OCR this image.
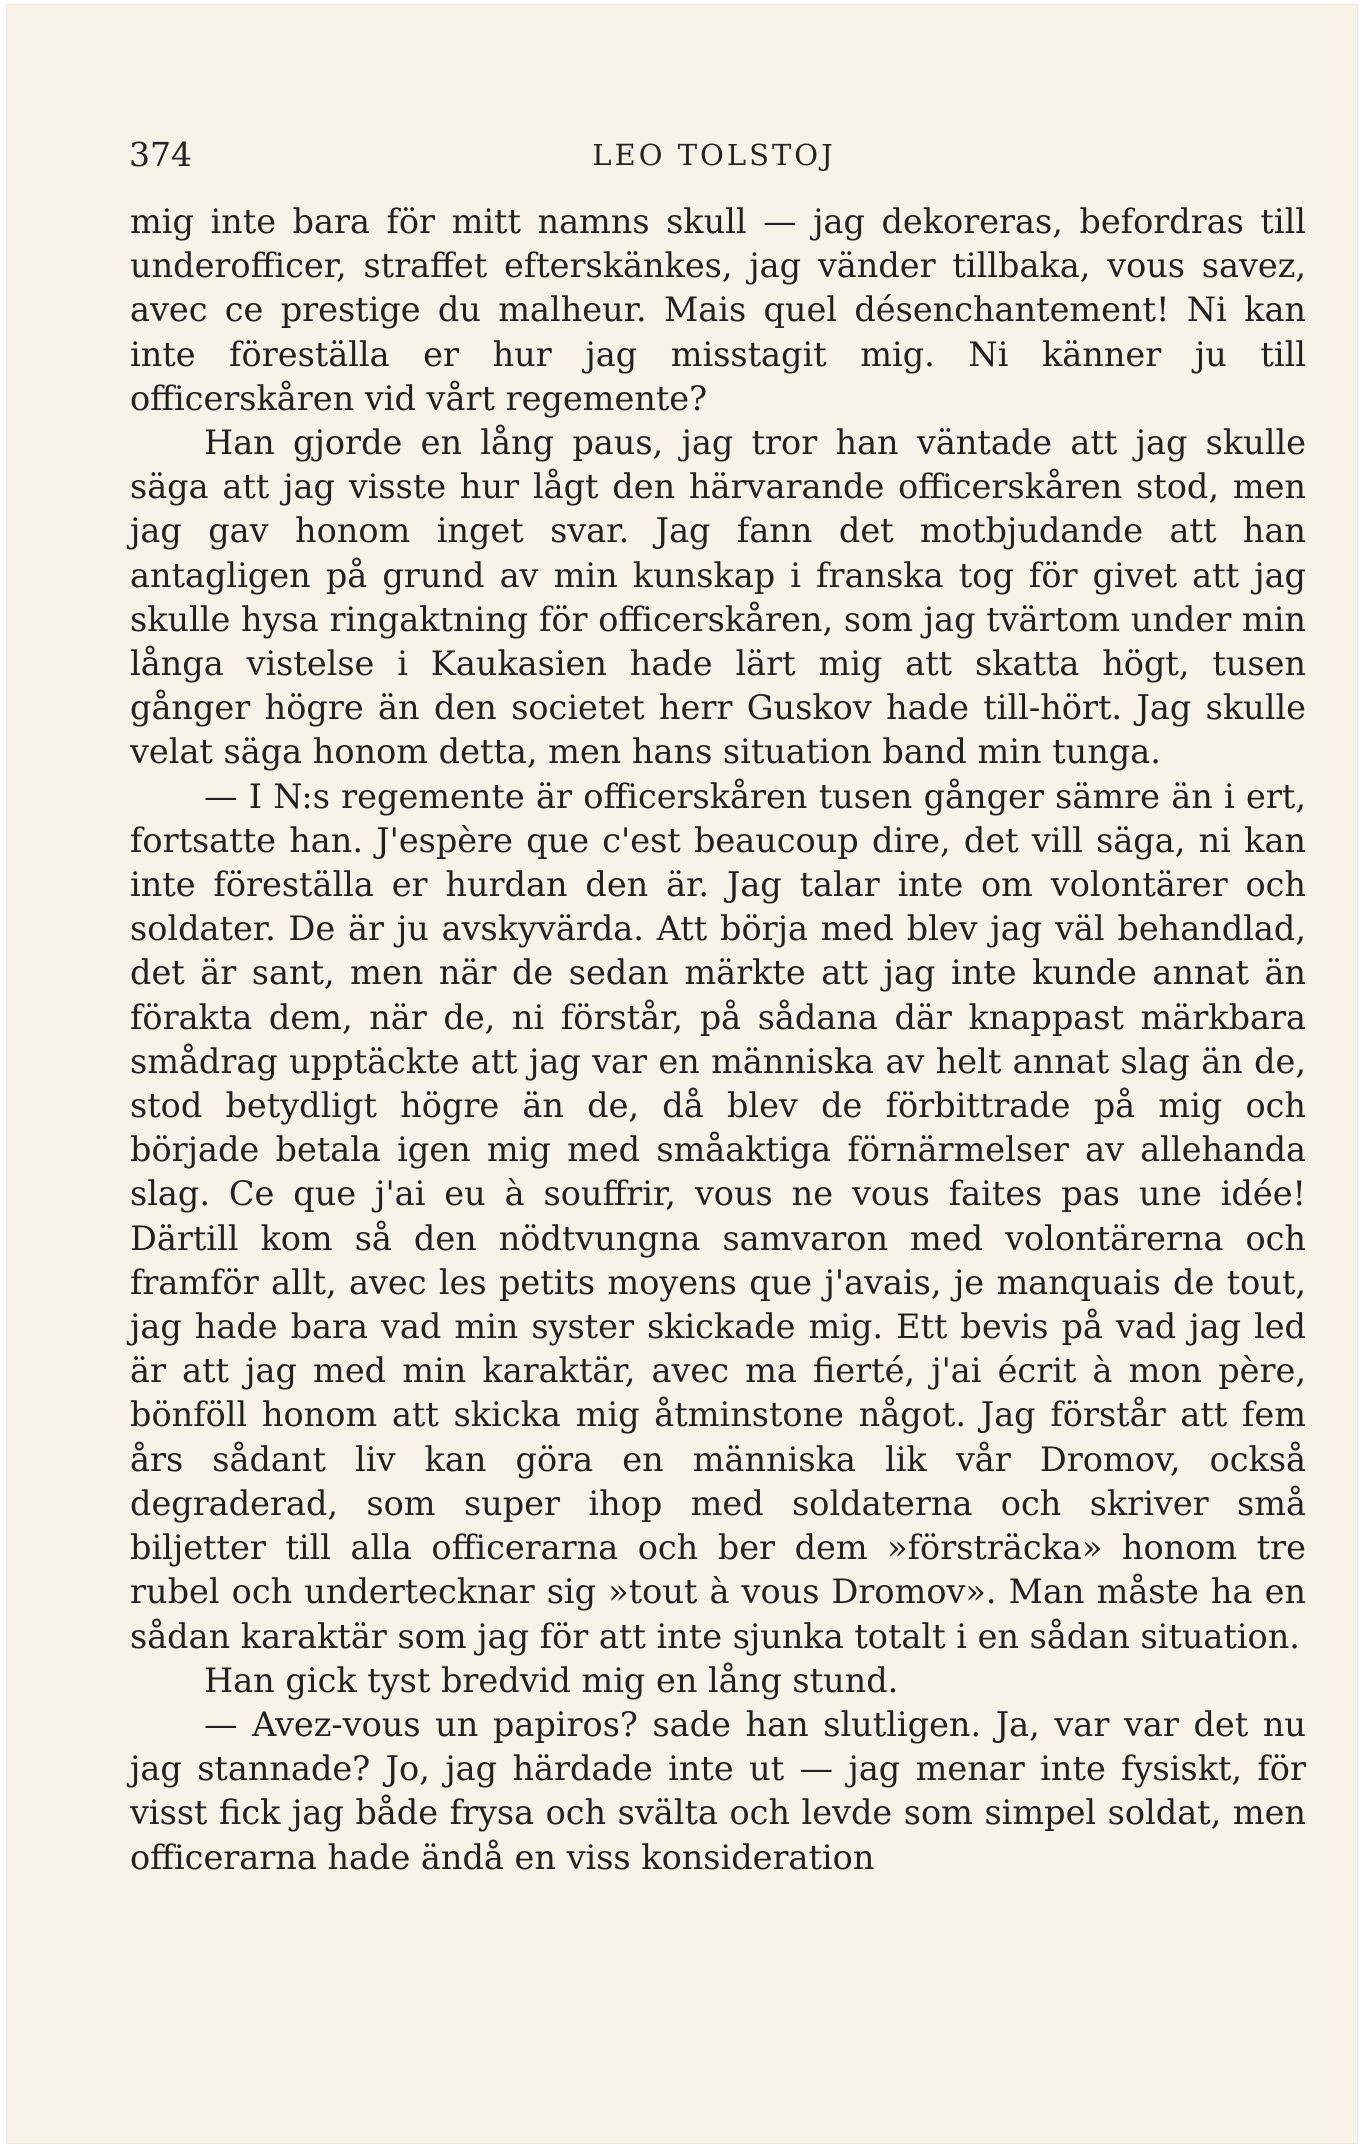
374	LEO TOLSTOJ

mig inte bara för mitt namns skull — jag dekoreras, befordras till underofficer, straffet efterskänkes, jag vänder tillbaka, vous savez, avec ce prestige du malheur. Mais quel désenchantement! Ni kan inte föreställa er hur jag misstagit mig. Ni känner ju till officerskåren vid vårt regemente?

Han gjorde en lång paus, jag tror han väntade att jag skulle säga att jag visste hur lågt den härvarande officerskåren stod, men jag gav honom inget svar. Jag fann det motbjudande att han antagligen på grund av min kunskap i franska tog för givet att jag skulle hysa ringaktning för officerskåren, som jag tvärtom under min långa vistelse i Kaukasien hade lärt mig att skatta högt, tusen gånger högre än den societet herr Guskov hade till-hört. Jag skulle velat säga honom detta, men hans situation band min tunga.

— I N:s regemente är officerskåren tusen gånger sämre än i ert, fortsatte han. J'espère que c'est beaucoup dire, det vill säga, ni kan inte föreställa er hurdan den är. Jag talar inte om volontärer och soldater. De är ju avskyvärda. Att börja med blev jag väl behandlad, det är sant, men när de sedan märkte att jag inte kunde annat än förakta dem, när de, ni förstår, på sådana där knappast märkbara smådrag upptäckte att jag var en människa av helt annat slag än de, stod betydligt högre än de, då blev de förbittrade på mig och började betala igen mig med småaktiga förnärmelser av allehanda slag. Ce que j'ai eu à souffrir, vous ne vous faites pas une idée! Därtill kom så den nödtvungna samvaron med volontärerna och framför allt, avec les petits moyens que j'avais, je manquais de tout, jag hade bara vad min syster skickade mig. Ett bevis på vad jag led är att jag med min karaktär, avec ma fierté, j'ai écrit à mon père, bönföll honom att skicka mig åtminstone något. Jag förstår att fem års sådant liv kan göra en människa lik vår Dromov, också degraderad, som super ihop med soldaterna och skriver små biljetter till alla officerarna och ber dem »försträcka» honom tre rubel och undertecknar sig »tout à vous Dromov». Man måste ha en sådan karaktär som jag för att inte sjunka totalt i en sådan situation.

Han gick tyst bredvid mig en lång stund.

— Avez-vous un papiros? sade han slutligen. Ja, var var det nu jag stannade? Jo, jag härdade inte ut — jag menar inte fysiskt, för visst fick jag både frysa och svälta och levde som simpel soldat, men officerarna hade ändå en viss konsideration
